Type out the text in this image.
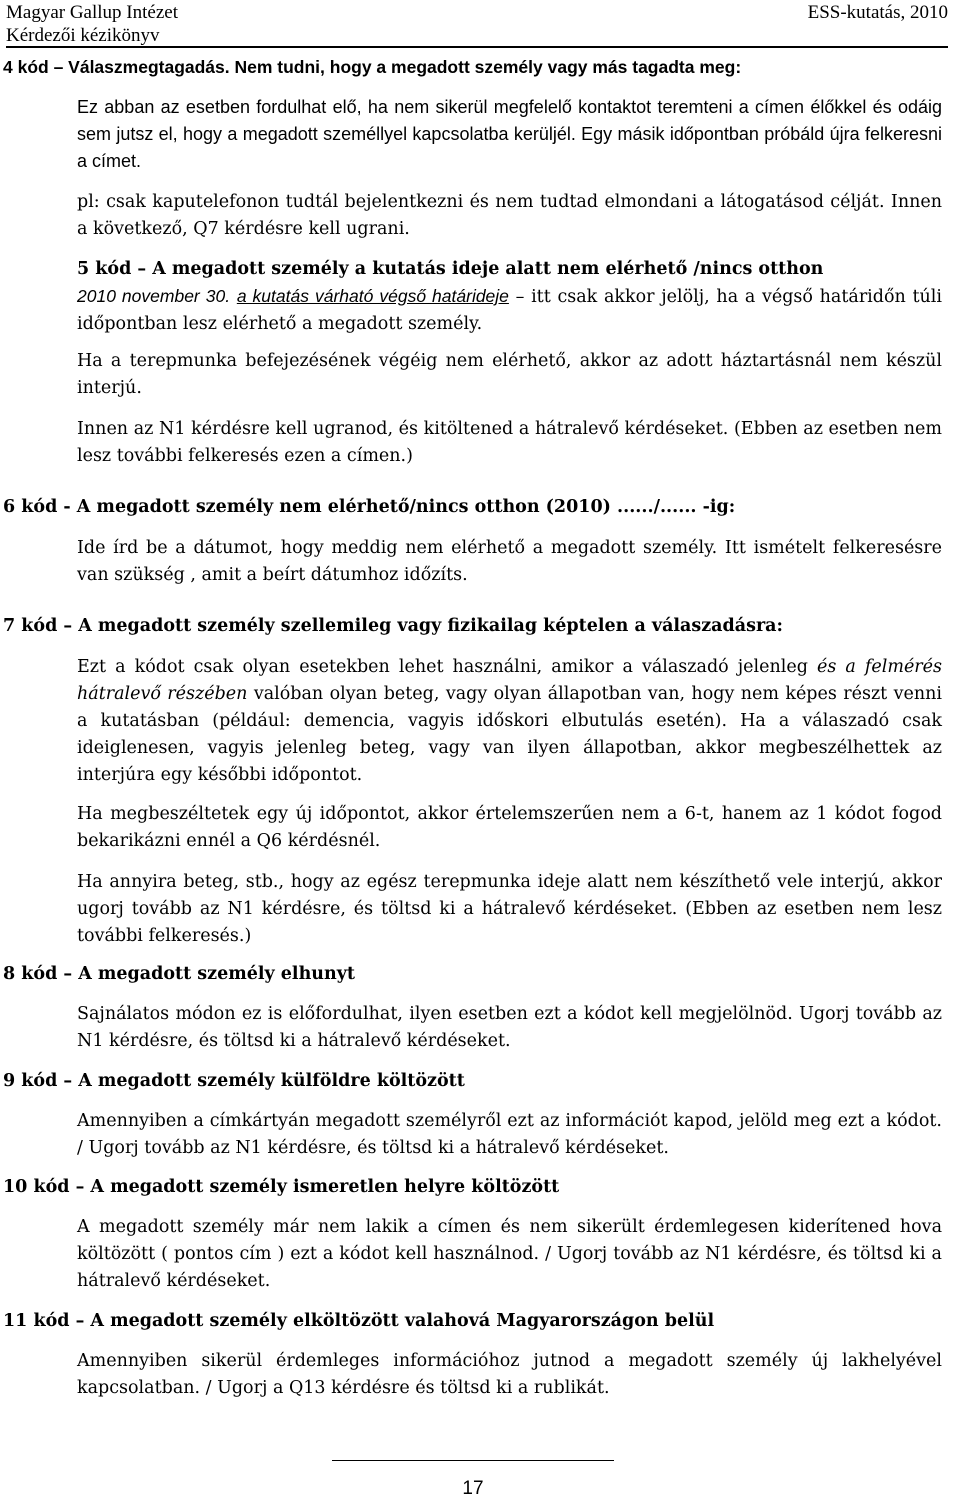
Magyar Gallup Intézet
Kérdezői kézikönyv
ESS-kutatás, 2010

4 kód – Válaszmegtagadás. Nem tudni, hogy a megadott személy vagy más tagadta meg:

Ez abban az esetben fordulhat elő, ha nem sikerül megfelelő kontaktot teremteni a címen élőkkel és odáig sem jutsz el, hogy a megadott személlyel kapcsolatba kerüljél. Egy másik időpontban próbáld újra felkeresni a címet.

pl: csak kaputelefonon tudtál bejelentkezni és nem tudtad elmondani a látogatásod célját. Innen a következő, Q7 kérdésre kell ugrani.

5 kód – A megadott személy a kutatás ideje alatt nem elérhető /nincs otthon

2010 november 30. a kutatás várható végső határideje – itt csak akkor jelölj, ha a végső határidőn túli időpontban lesz elérhető a megadott személy.

Ha a terepmunka befejezésének végéig nem elérhető, akkor az adott háztartásnál nem készül interjú.

Innen az N1 kérdésre kell ugranod, és kitöltened a hátralevő kérdéseket. (Ebben az esetben nem lesz további felkeresés ezen a címen.)

6 kód - A megadott személy nem elérhető/nincs otthon (2010) ....../...... -ig:

Ide írd be a dátumot, hogy meddig nem elérhető a megadott személy. Itt ismételt felkeresésre van szükség , amit a beírt dátumhoz időzíts.

7 kód – A megadott személy szellemileg vagy fizikailag képtelen a válaszadásra:

Ezt a kódot csak olyan esetekben lehet használni, amikor a válaszadó jelenleg és a felmérés hátralevő részében valóban olyan beteg, vagy olyan állapotban van, hogy nem képes részt venni a kutatásban (például: demencia, vagyis időskori elbutulás esetén). Ha a válaszadó csak ideiglenesen, vagyis jelenleg beteg, vagy van ilyen állapotban, akkor megbeszélhettek az interjúra egy későbbi időpontot.

Ha megbeszéltetek egy új időpontot, akkor értelemszerűen nem a 6-t, hanem az 1 kódot fogod bekarikázni ennél a Q6 kérdésnél.

Ha annyira beteg, stb., hogy az egész terepmunka ideje alatt nem készíthető vele interjú, akkor ugorj tovább az N1 kérdésre, és töltsd ki a hátralevő kérdéseket. (Ebben az esetben nem lesz további felkeresés.)

8 kód – A megadott személy elhunyt

Sajnálatos módon ez is előfordulhat, ilyen esetben ezt a kódot kell megjelölnöd. Ugorj tovább az N1 kérdésre, és töltsd ki a hátralevő kérdéseket.

9 kód – A megadott személy külföldre költözött

Amennyiben a címkártyán megadott személyről ezt az információt kapod, jelöld meg ezt a kódot. / Ugorj tovább az N1 kérdésre, és töltsd ki a hátralevő kérdéseket.

10 kód – A megadott személy ismeretlen helyre költözött

A megadott személy már nem lakik a címen és nem sikerült érdemlegesen kiderítened hova költözött ( pontos cím ) ezt a kódot kell használnod. / Ugorj tovább az N1 kérdésre, és töltsd ki a hátralevő kérdéseket.

11 kód – A megadott személy elköltözött valahová Magyarországon belül

Amennyiben sikerül érdemleges információhoz jutnod a megadott személy új lakhelyével kapcsolatban. / Ugorj a Q13 kérdésre és töltsd ki a rublikát.

17
